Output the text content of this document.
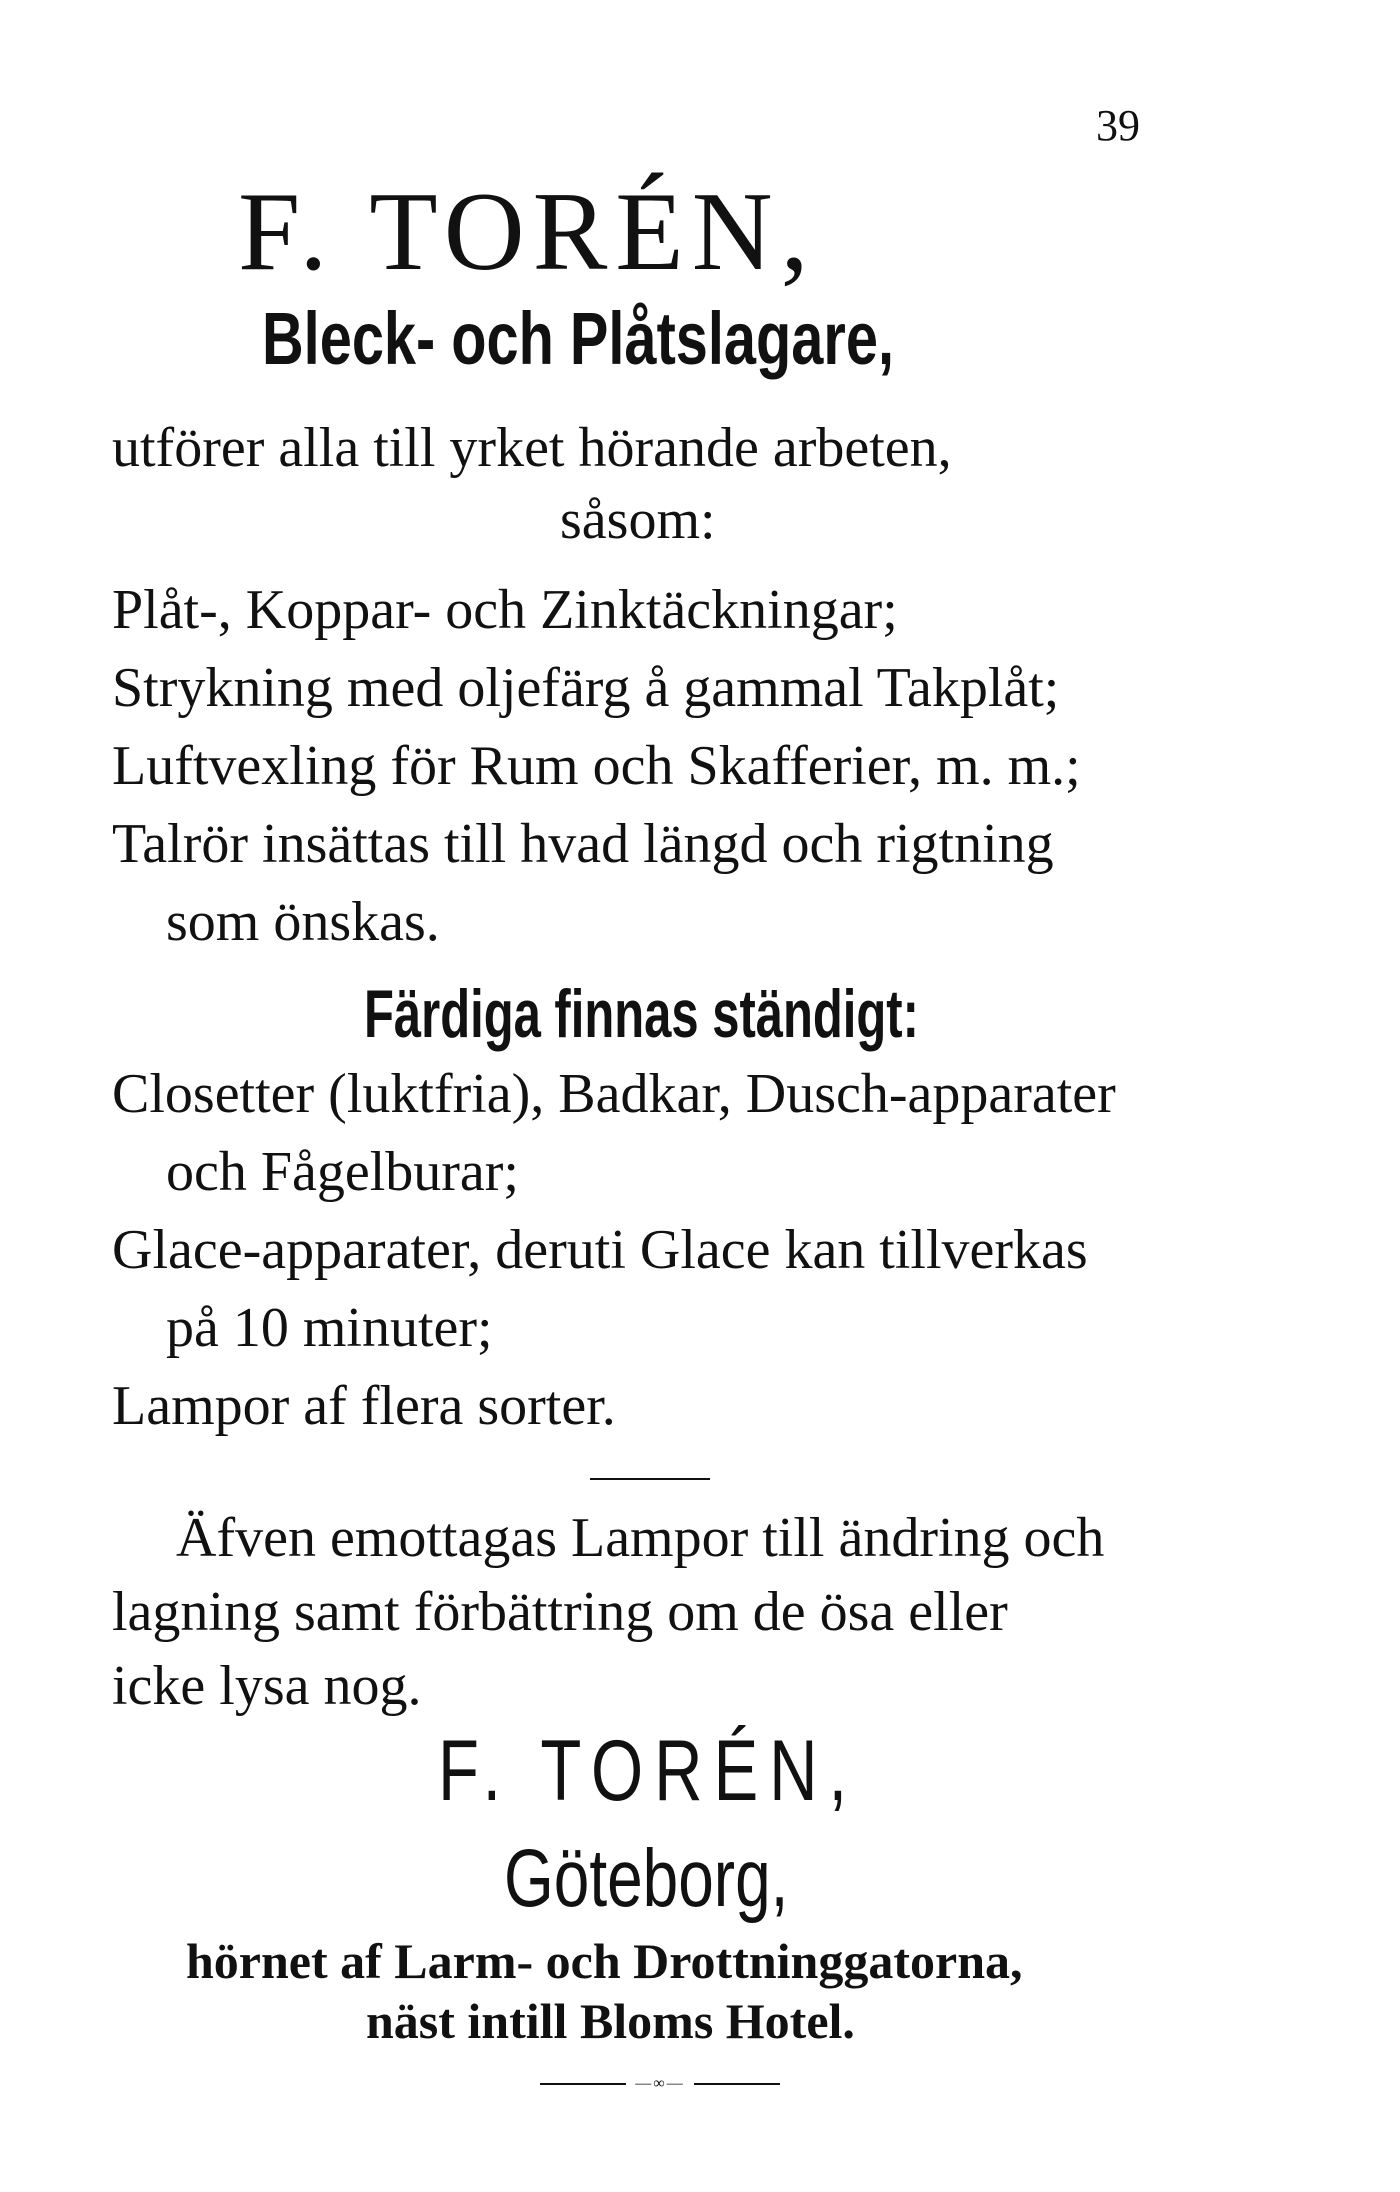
39
F. TORÉN,
Bleck- och Plåtslagare,
utförer alla till yrket hörande arbeten,
såsom:
Plåt-, Koppar- och Zinktäckningar;
Strykning med oljefärg å gammal Takplåt;
Luftvexling för Rum och Skafferier, m. m.;
Talrör insättas till hvad längd och rigtning
som önskas.
Färdiga finnas ständigt:
Closetter (luktfria), Badkar, Dusch-apparater
och Fågelburar;
Glace-apparater, deruti Glace kan tillverkas
på 10 minuter;
Lampor af flera sorter.
Äfven emottagas Lampor till ändring och
lagning samt förbättring om de ösa eller
icke lysa nog.
F. TORÉN,
Göteborg,
hörnet af Larm- och Drottninggatorna,
näst intill Bloms Hotel.
—∞—
